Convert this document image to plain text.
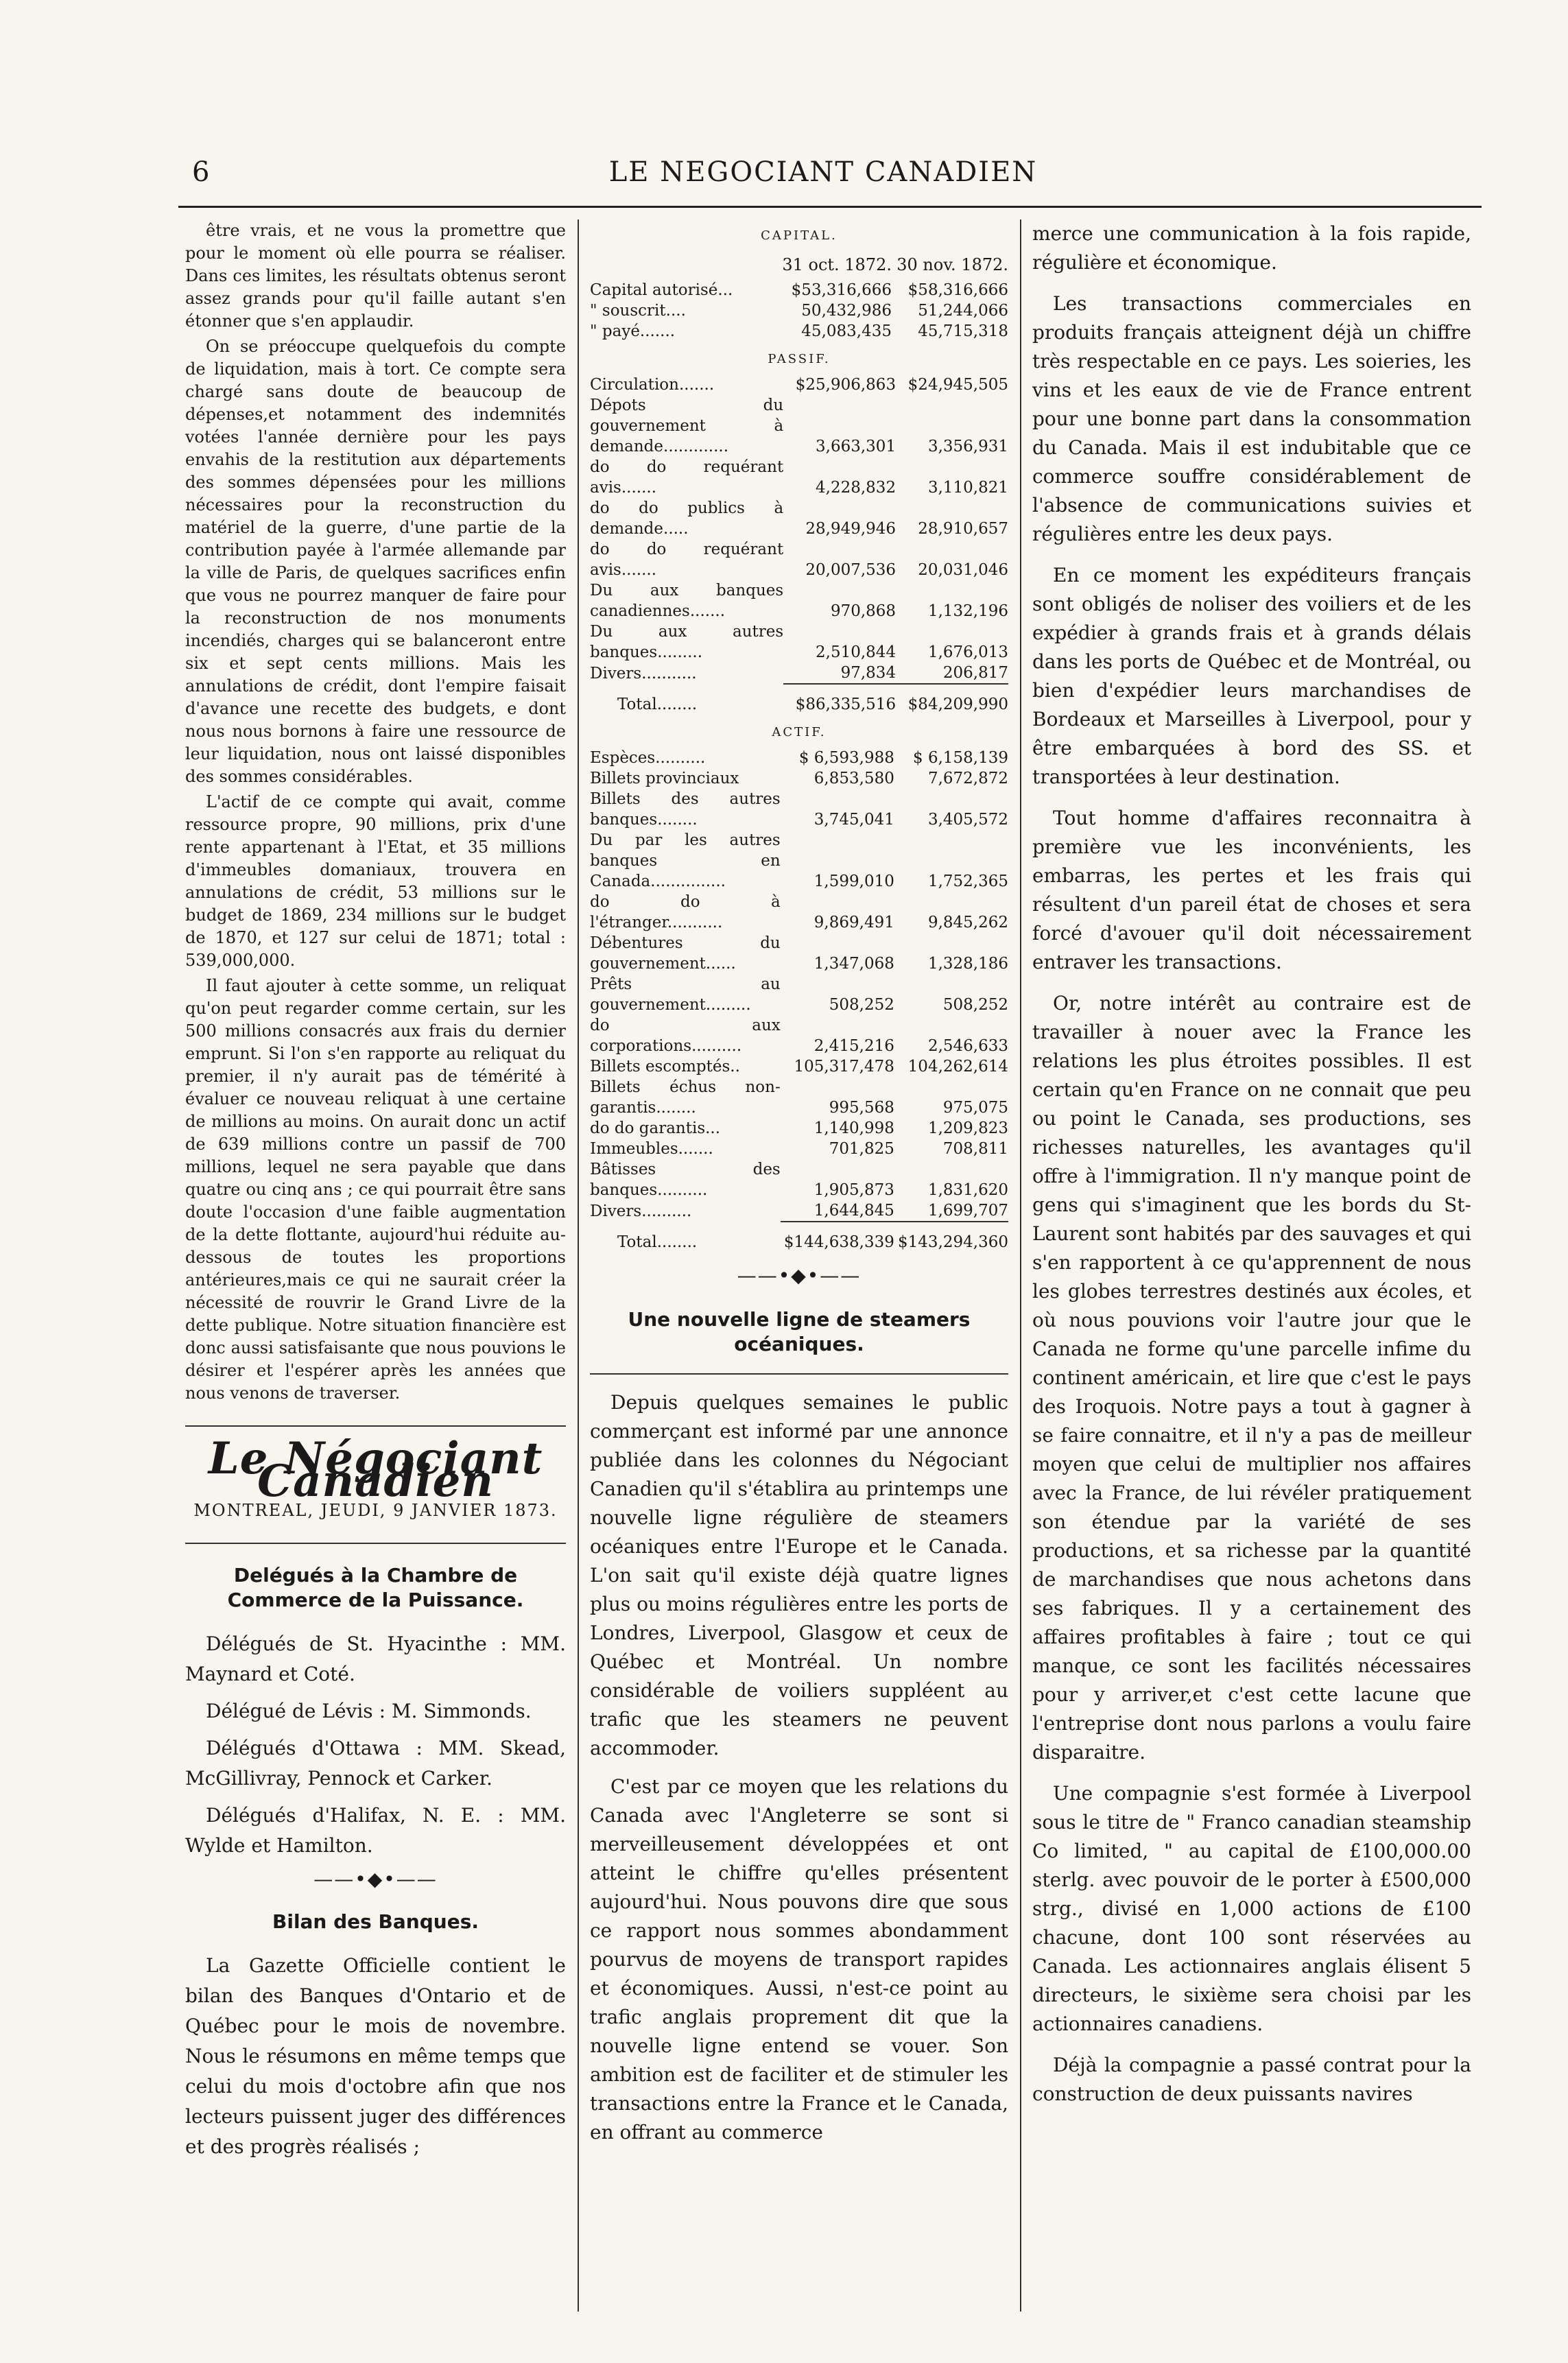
6	LE NEGOCIANT CANADIEN

être vrais, et ne vous la promettre que pour le moment où elle pourra se réaliser. Dans ces limites, les résultats obtenus seront assez grands pour qu'il faille autant s'en étonner que s'en applaudir.

On se préoccupe quelquefois du compte de liquidation, mais à tort. Ce compte sera chargé sans doute de beaucoup de dépenses,et notamment des indemnités votées l'année dernière pour les pays envahis de la restitution aux départements des sommes dépensées pour les millions nécessaires pour la reconstruction du matériel de la guerre, d'une partie de la contribution payée à l'armée allemande par la ville de Paris, de quelques sacrifices enfin que vous ne pourrez manquer de faire pour la reconstruction de nos monuments incendiés, charges qui se balanceront entre six et sept cents millions. Mais les annulations de crédit, dont l'empire faisait d'avance une recette des budgets, e dont nous nous bornons à faire une ressource de leur liquidation, nous ont laissé disponibles des sommes considérables.

L'actif de ce compte qui avait, comme ressource propre, 90 millions, prix d'une rente appartenant à l'Etat, et 35 millions d'immeubles domaniaux, trouvera en annulations de crédit, 53 millions sur le budget de 1869, 234 millions sur le budget de 1870, et 127 sur celui de 1871; total : 539,000,000.

Il faut ajouter à cette somme, un reliquat qu'on peut regarder comme certain, sur les 500 millions consacrés aux frais du dernier emprunt. Si l'on s'en rapporte au reliquat du premier, il n'y aurait pas de témérité à évaluer ce nouveau reliquat à une certaine de millions au moins. On aurait donc un actif de 639 millions contre un passif de 700 millions, lequel ne sera payable que dans quatre ou cinq ans ; ce qui pourrait être sans doute l'occasion d'une faible augmentation de la dette flottante, aujourd'hui réduite au-dessous de toutes les proportions antérieures,mais ce qui ne saurait créer la nécessité de rouvrir le Grand Livre de la dette publique. Notre situation financière est donc aussi satisfaisante que nous pouvions le désirer et l'espérer après les années que nous venons de traverser.

Le Négociant Canadien

MONTREAL, JEUDI, 9 JANVIER 1873.

Delégués à la Chambre de Commerce de la Puissance.

Délégués de St. Hyacinthe : MM. Maynard et Coté.

Délégué de Lévis : M. Simmonds.

Délégués d'Ottawa : MM. Skead, McGillivray, Pennock et Carker.

Délégués d'Halifax, N. E. : MM. Wylde et Hamilton.

——•◆•——
Bilan des Banques.

La Gazette Officielle contient le bilan des Banques d'Ontario et de Québec pour le mois de novembre. Nous le résumons en même temps que celui du mois d'octobre afin que nos lecteurs puissent juger des différences et des progrès réalisés ;

CAPITAL.
31 oct. 1872. 30 nov. 1872.
Capital autorisé...	$53,316,666	$58,316,666
" souscrit....	50,432,986	51,244,066
" payé.......	45,083,435	45,715,318
PASSIF.
Circulation.......	$25,906,863	$24,945,505
Dépots du gouvernement à demande.............	3,663,301	3,356,931
do do requérant avis.......	4,228,832	3,110,821
do do publics à demande.....	28,949,946	28,910,657
do do requérant avis.......	20,007,536	20,031,046
Du aux banques canadiennes.......	970,868	1,132,196
Du aux autres banques.........	2,510,844	1,676,013
Divers...........	97,834	206,817
Total........	$86,335,516	$84,209,990
ACTIF.
Espèces..........	$ 6,593,988	$ 6,158,139
Billets provinciaux	6,853,580	7,672,872
Billets des autres banques........	3,745,041	3,405,572
Du par les autres banques en Canada...............	1,599,010	1,752,365
do do à l'étranger...........	9,869,491	9,845,262
Débentures du gouvernement......	1,347,068	1,328,186
Prêts au gouvernement.........	508,252	508,252
do aux corporations..........	2,415,216	2,546,633
Billets escomptés..	105,317,478	104,262,614
Billets échus non-garantis........	995,568	975,075
do do garantis...	1,140,998	1,209,823
Immeubles.......	701,825	708,811
Bâtisses des banques..........	1,905,873	1,831,620
Divers..........	1,644,845	1,699,707
Total........	$144,638,339	$143,294,360
——•◆•——
Une nouvelle ligne de steamers océaniques.

Depuis quelques semaines le public commerçant est informé par une annonce publiée dans les colonnes du Négociant Canadien qu'il s'établira au printemps une nouvelle ligne régulière de steamers océaniques entre l'Europe et le Canada. L'on sait qu'il existe déjà quatre lignes plus ou moins régulières entre les ports de Londres, Liverpool, Glasgow et ceux de Québec et Montréal. Un nombre considérable de voiliers suppléent au trafic que les steamers ne peuvent accommoder.

C'est par ce moyen que les relations du Canada avec l'Angleterre se sont si merveilleusement développées et ont atteint le chiffre qu'elles présentent aujourd'hui. Nous pouvons dire que sous ce rapport nous sommes abondamment pourvus de moyens de transport rapides et économiques. Aussi, n'est-ce point au trafic anglais proprement dit que la nouvelle ligne entend se vouer. Son ambition est de faciliter et de stimuler les transactions entre la France et le Canada, en offrant au commerce

merce une communication à la fois rapide, régulière et économique.

Les transactions commerciales en produits français atteignent déjà un chiffre très respectable en ce pays. Les soieries, les vins et les eaux de vie de France entrent pour une bonne part dans la consommation du Canada. Mais il est indubitable que ce commerce souffre considérablement de l'absence de communications suivies et régulières entre les deux pays.

En ce moment les expéditeurs français sont obligés de noliser des voiliers et de les expédier à grands frais et à grands délais dans les ports de Québec et de Montréal, ou bien d'expédier leurs marchandises de Bordeaux et Marseilles à Liverpool, pour y être embarquées à bord des SS. et transportées à leur destination.

Tout homme d'affaires reconnaitra à première vue les inconvénients, les embarras, les pertes et les frais qui résultent d'un pareil état de choses et sera forcé d'avouer qu'il doit nécessairement entraver les transactions.

Or, notre intérêt au contraire est de travailler à nouer avec la France les relations les plus étroites possibles. Il est certain qu'en France on ne connait que peu ou point le Canada, ses productions, ses richesses naturelles, les avantages qu'il offre à l'immigration. Il n'y manque point de gens qui s'imaginent que les bords du St-Laurent sont habités par des sauvages et qui s'en rapportent à ce qu'apprennent de nous les globes terrestres destinés aux écoles, et où nous pouvions voir l'autre jour que le Canada ne forme qu'une parcelle infime du continent américain, et lire que c'est le pays des Iroquois. Notre pays a tout à gagner à se faire connaitre, et il n'y a pas de meilleur moyen que celui de multiplier nos affaires avec la France, de lui révéler pratiquement son étendue par la variété de ses productions, et sa richesse par la quantité de marchandises que nous achetons dans ses fabriques. Il y a certainement des affaires profitables à faire ; tout ce qui manque, ce sont les facilités nécessaires pour y arriver,et c'est cette lacune que l'entreprise dont nous parlons a voulu faire disparaitre.

Une compagnie s'est formée à Liverpool sous le titre de " Franco canadian steamship Co limited, " au capital de £100,000.00 sterlg. avec pouvoir de le porter à £500,000 strg., divisé en 1,000 actions de £100 chacune, dont 100 sont réservées au Canada. Les actionnaires anglais élisent 5 directeurs, le sixième sera choisi par les actionnaires canadiens.

Déjà la compagnie a passé contrat pour la construction de deux puissants navires
